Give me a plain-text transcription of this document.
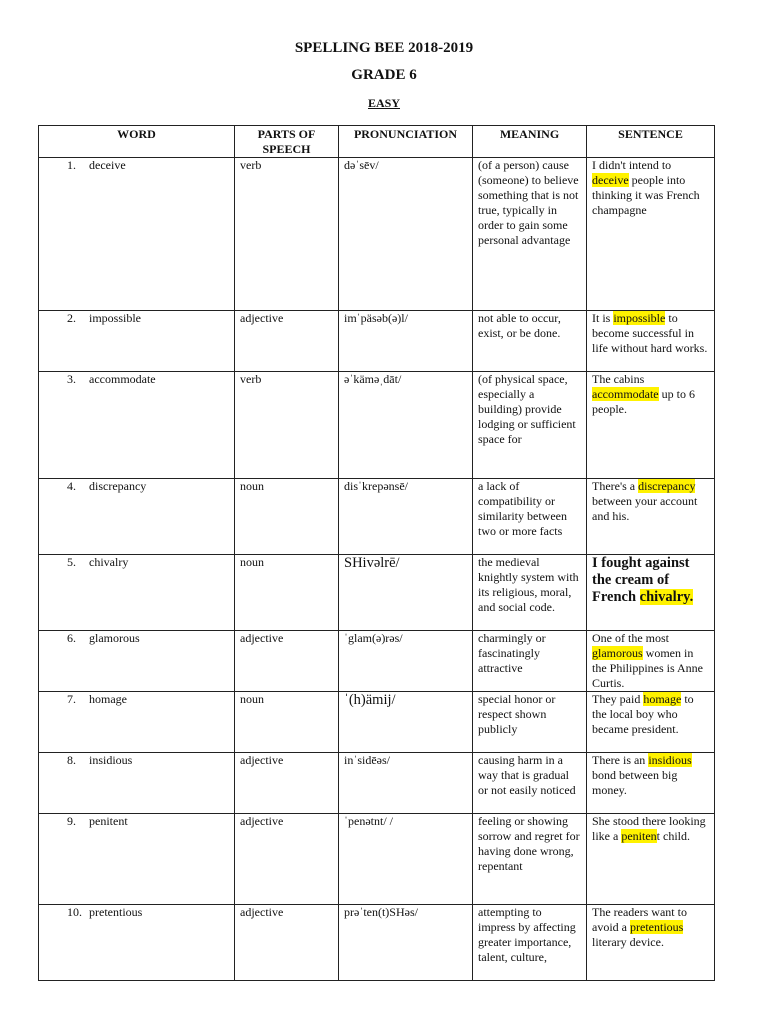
SPELLING BEE 2018-2019
GRADE 6
EASY
WORD	PARTS OF SPEECH	PRONUNCIATION	MEANING	SENTENCE
1. deceive	verb	dəˈsēv/	(of a person) cause (someone) to believe something that is not true, typically in order to gain some personal advantage	I didn't intend to deceive people into thinking it was French champagne
2. impossible	adjective	imˈpäsəb(ə)l/	not able to occur, exist, or be done.	It is impossible to become successful in life without hard works.
3. accommodate	verb	əˈkäməˌdāt/	(of physical space, especially a building) provide lodging or sufficient space for	The cabins accommodate up to 6 people.
4. discrepancy	noun	disˈkrepənsē/	a lack of compatibility or similarity between two or more facts	There's a discrepancy between your account and his.
5. chivalry	noun	SHivəlrē/	the medieval knightly system with its religious, moral, and social code.	I fought against the cream of French chivalry.
6. glamorous	adjective	ˈglam(ə)rəs/	charmingly or fascinatingly attractive	One of the most glamorous women in the Philippines is Anne Curtis.
7. homage	noun	ˈ(h)ämij/	special honor or respect shown publicly	They paid homage to the local boy who became president.
8. insidious	adjective	inˈsidēəs/	causing harm in a way that is gradual or not easily noticed	There is an insidious bond between big money.
9. penitent	adjective	ˈpenətnt/ /	feeling or showing sorrow and regret for having done wrong, repentant	She stood there looking like a penitent child.
10. pretentious	adjective	prəˈten(t)SHəs/	attempting to impress by affecting greater importance, talent, culture,	The readers want to avoid a pretentious literary device.
